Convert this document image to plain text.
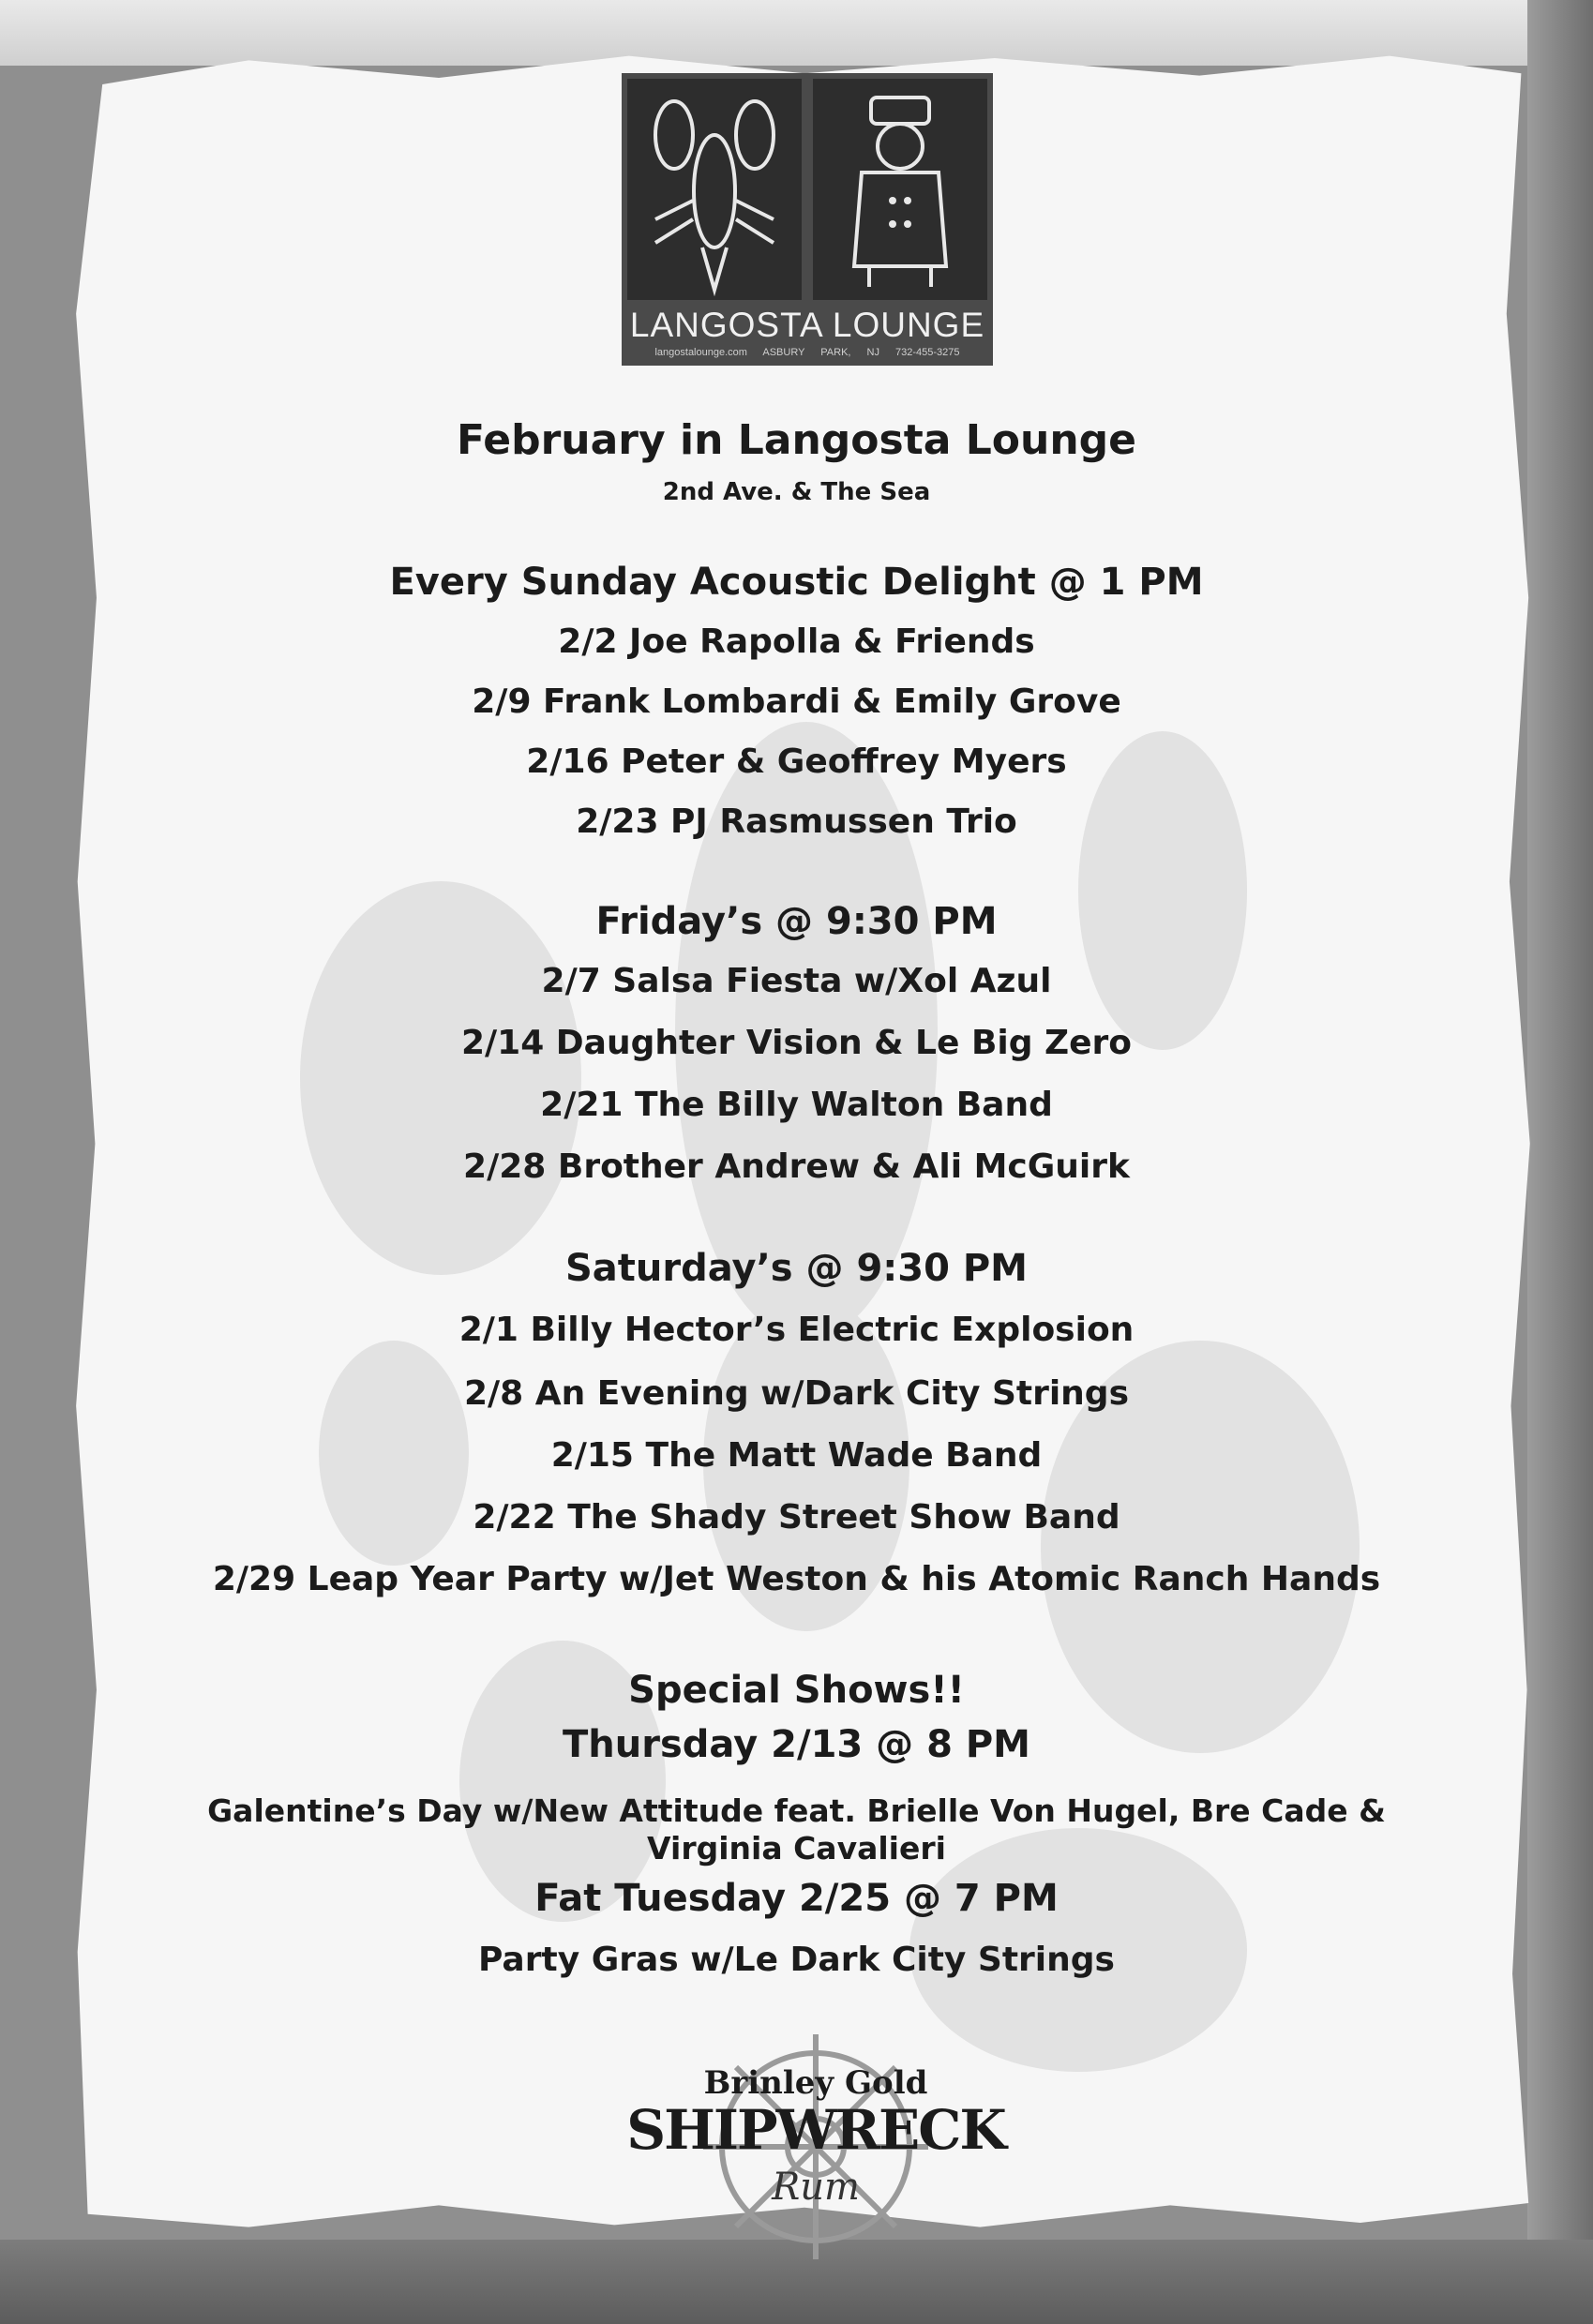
LANGOSTA LOUNGE
langostalounge.com ASBURY PARK, NJ 732-455-3275
February in Langosta Lounge
2nd Ave. & The Sea
Every Sunday Acoustic Delight @ 1 PM
2/2 Joe Rapolla & Friends
2/9 Frank Lombardi & Emily Grove
2/16 Peter & Geoffrey Myers
2/23 PJ Rasmussen Trio
Friday’s @ 9:30 PM
2/7 Salsa Fiesta w/Xol Azul
2/14 Daughter Vision & Le Big Zero
2/21 The Billy Walton Band
2/28 Brother Andrew & Ali McGuirk
Saturday’s @ 9:30 PM
2/1 Billy Hector’s Electric Explosion
2/8 An Evening w/Dark City Strings
2/15 The Matt Wade Band
2/22 The Shady Street Show Band
2/29 Leap Year Party w/Jet Weston & his Atomic Ranch Hands
Special Shows!!
Thursday 2/13 @ 8 PM
Galentine’s Day w/New Attitude feat. Brielle Von Hugel, Bre Cade &
Virginia Cavalieri
Fat Tuesday 2/25 @ 7 PM
Party Gras w/Le Dark City Strings
Brinley Gold
SHIPWRECK
Rum
